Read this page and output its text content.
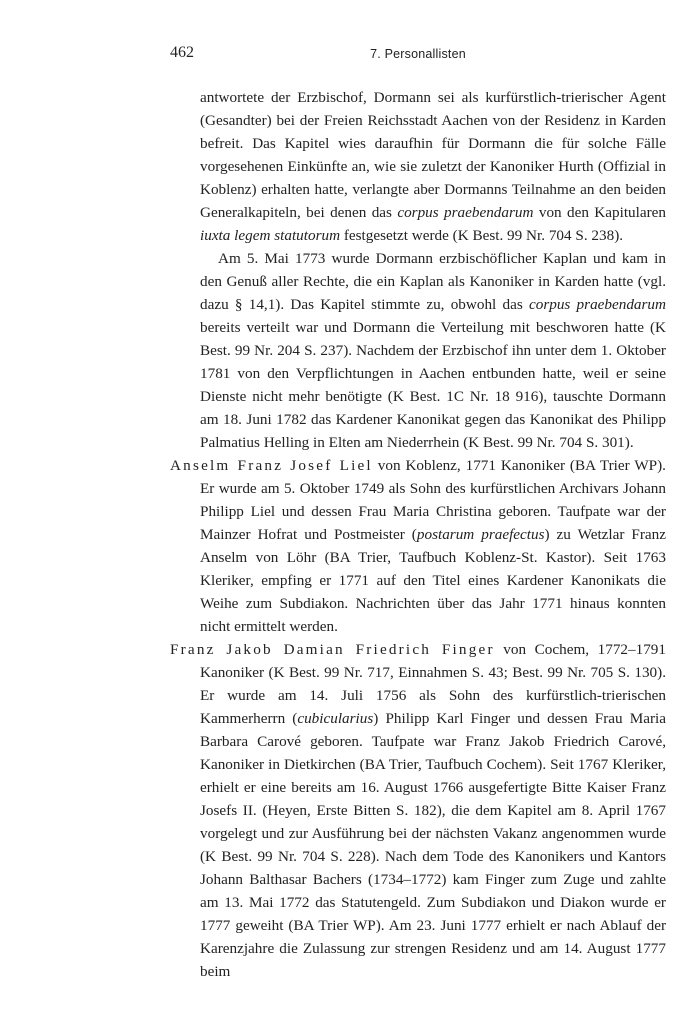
462	7. Personallisten

antwortete der Erzbischof, Dormann sei als kurfürstlich-trierischer Agent (Gesandter) bei der Freien Reichsstadt Aachen von der Residenz in Karden befreit. Das Kapitel wies daraufhin für Dormann die für solche Fälle vorgesehenen Einkünfte an, wie sie zuletzt der Kanoniker Hurth (Offizial in Koblenz) erhalten hatte, verlangte aber Dormanns Teilnahme an den beiden Generalkapiteln, bei denen das corpus praebendarum von den Kapitularen iuxta legem statutorum festgesetzt werde (K Best. 99 Nr. 704 S. 238).

Am 5. Mai 1773 wurde Dormann erzbischöflicher Kaplan und kam in den Genuß aller Rechte, die ein Kaplan als Kanoniker in Karden hatte (vgl. dazu § 14,1). Das Kapitel stimmte zu, obwohl das corpus praebendarum bereits verteilt war und Dormann die Verteilung mit beschworen hatte (K Best. 99 Nr. 204 S. 237). Nachdem der Erzbischof ihn unter dem 1. Oktober 1781 von den Verpflichtungen in Aachen entbunden hatte, weil er seine Dienste nicht mehr benötigte (K Best. 1C Nr. 18 916), tauschte Dormann am 18. Juni 1782 das Kardener Kanonikat gegen das Kanonikat des Philipp Palmatius Helling in Elten am Niederrhein (K Best. 99 Nr. 704 S. 301).

Anselm Franz Josef Liel von Koblenz, 1771 Kanoniker (BA Trier WP). Er wurde am 5. Oktober 1749 als Sohn des kurfürstlichen Archivars Johann Philipp Liel und dessen Frau Maria Christina geboren. Taufpate war der Mainzer Hofrat und Postmeister (postarum praefectus) zu Wetzlar Franz Anselm von Löhr (BA Trier, Taufbuch Koblenz-St. Kastor). Seit 1763 Kleriker, empfing er 1771 auf den Titel eines Kardener Kanonikats die Weihe zum Subdiakon. Nachrichten über das Jahr 1771 hinaus konnten nicht ermittelt werden.

Franz Jakob Damian Friedrich Finger von Cochem, 1772–1791 Kanoniker (K Best. 99 Nr. 717, Einnahmen S. 43; Best. 99 Nr. 705 S. 130). Er wurde am 14. Juli 1756 als Sohn des kurfürstlich-trierischen Kammerherrn (cubicularius) Philipp Karl Finger und dessen Frau Maria Barbara Carové geboren. Taufpate war Franz Jakob Friedrich Carové, Kanoniker in Dietkirchen (BA Trier, Taufbuch Cochem). Seit 1767 Kleriker, erhielt er eine bereits am 16. August 1766 ausgefertigte Bitte Kaiser Franz Josefs II. (Heyen, Erste Bitten S. 182), die dem Kapitel am 8. April 1767 vorgelegt und zur Ausführung bei der nächsten Vakanz angenommen wurde (K Best. 99 Nr. 704 S. 228). Nach dem Tode des Kanonikers und Kantors Johann Balthasar Bachers (1734–1772) kam Finger zum Zuge und zahlte am 13. Mai 1772 das Statutengeld. Zum Subdiakon und Diakon wurde er 1777 geweiht (BA Trier WP). Am 23. Juni 1777 erhielt er nach Ablauf der Karenzjahre die Zulassung zur strengen Residenz und am 14. August 1777 beim
